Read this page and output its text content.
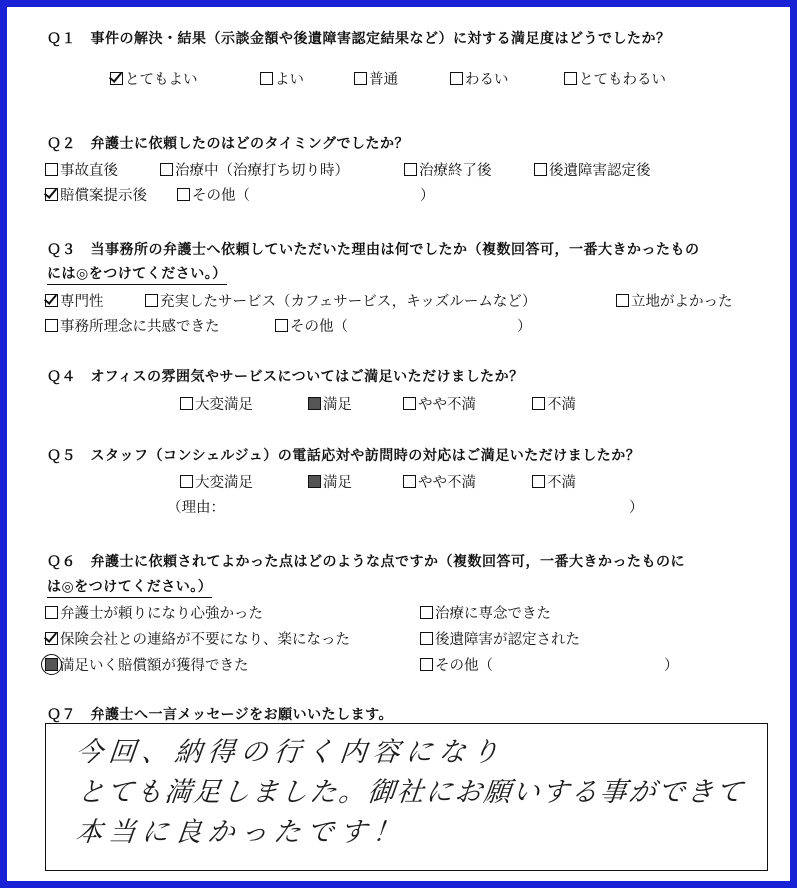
Ｑ１　事件の解決・結果（示談金額や後遺障害認定結果など）に対する満足度はどうでしたか？
とてもよい	よい	普通	わるい	とてもわるい
Ｑ２　弁護士に依頼したのはどのタイミングでしたか？
事故直後	治療中（治療打ち切り時）	治療終了後	後遺障害認定後
賠償案提示後	その他（	）
Ｑ３　当事務所の弁護士へ依頼していただいた理由は何でしたか（複数回答可，一番大きかったもの
には◎をつけてください。）
専門性	充実したサービス（カフェサービス，キッズルームなど）	立地がよかった
事務所理念に共感できた	その他（	）
Ｑ４　オフィスの雰囲気やサービスについてはご満足いただけましたか？
大変満足	満足	やや不満	不満
Ｑ５　スタッフ（コンシェルジュ）の電話応対や訪問時の対応はご満足いただけましたか？
大変満足	満足	やや不満	不満
（理由：	）
Ｑ６　弁護士に依頼されてよかった点はどのような点ですか（複数回答可，一番大きかったものに
は◎をつけてください。）
弁護士が頼りになり心強かった	治療に専念できた
保険会社との連絡が不要になり、楽になった	後遺障害が認定された
満足いく賠償額が獲得できた	その他（	）
Ｑ７　弁護士へ一言メッセージをお願いいたします。
今回、納得の行く内容になり
とても満足しました。御社にお願いする事ができて
本当に良かったです！
